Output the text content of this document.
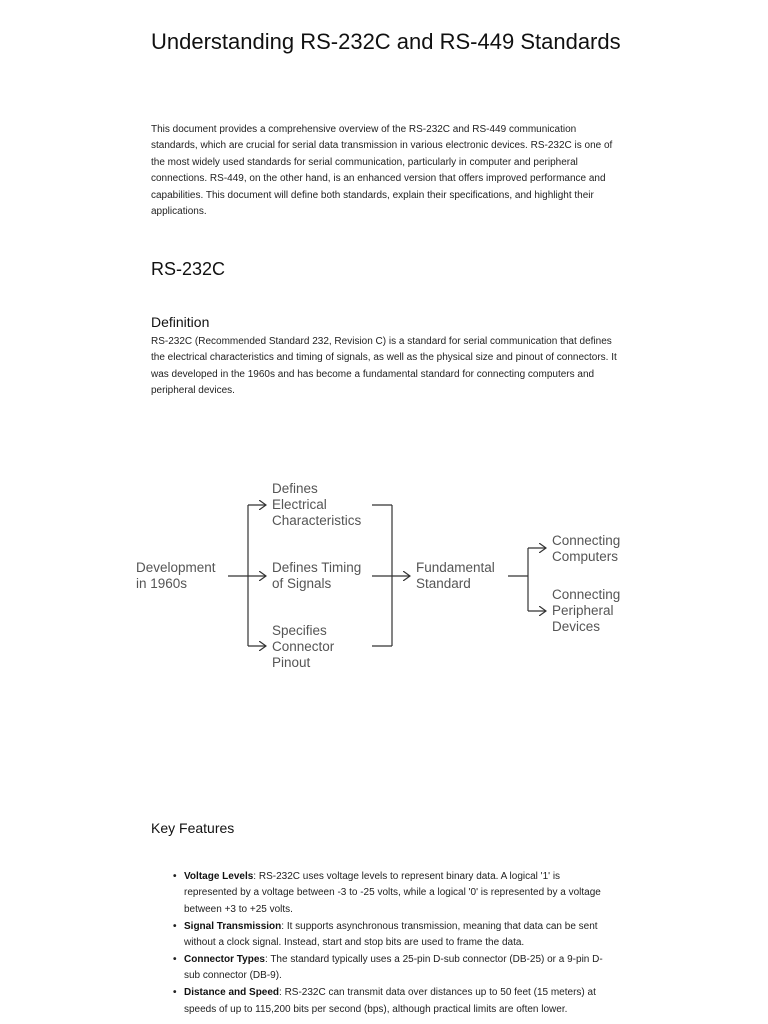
Understanding RS-232C and RS-449 Standards

This document provides a comprehensive overview of the RS-232C and RS-449 communication standards, which are crucial for serial data transmission in various electronic devices. RS-232C is one of the most widely used standards for serial communication, particularly in computer and peripheral connections. RS-449, on the other hand, is an enhanced version that offers improved performance and capabilities. This document will define both standards, explain their specifications, and highlight their applications.

RS-232C
Definition

RS-232C (Recommended Standard 232, Revision C) is a standard for serial communication that defines the electrical characteristics and timing of signals, as well as the physical size and pinout of connectors. It was developed in the 1960s and has become a fundamental standard for connecting computers and peripheral devices.

Development
in 1960s
Defines
Electrical
Characteristics
Defines Timing
of Signals
Specifies
Connector
Pinout
Fundamental
Standard
Connecting
Computers
Connecting
Peripheral
Devices
Key Features
• Voltage Levels: RS-232C uses voltage levels to represent binary data. A logical '1' is represented by a voltage between -3 to -25 volts, while a logical '0' is represented by a voltage between +3 to +25 volts.
• Signal Transmission: It supports asynchronous transmission, meaning that data can be sent without a clock signal. Instead, start and stop bits are used to frame the data.
• Connector Types: The standard typically uses a 25-pin D-sub connector (DB-25) or a 9-pin D-sub connector (DB-9).
• Distance and Speed: RS-232C can transmit data over distances up to 50 feet (15 meters) at speeds of up to 115,200 bits per second (bps), although practical limits are often lower.
